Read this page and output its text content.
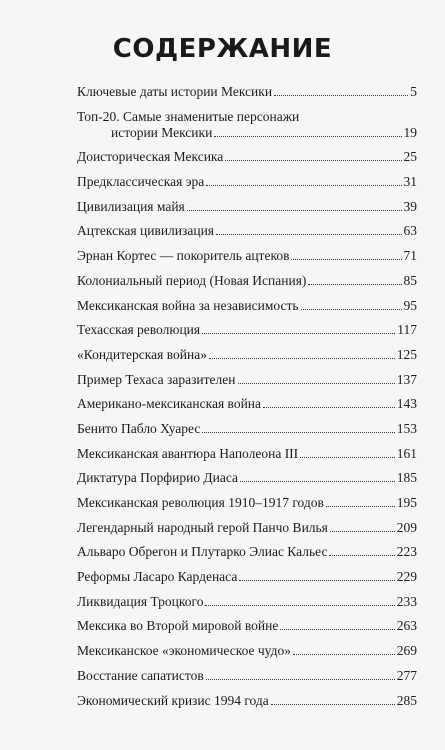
СОДЕРЖАНИЕ
Ключевые даты истории Мексики	5
Топ-20. Самые знаменитые персонажи
истории Мексики	19
Доисторическая Мексика	25
Предклассическая эра	31
Цивилизация майя	39
Ацтекская цивилизация	63
Эрнан Кортес — покоритель ацтеков	71
Колониальный период (Новая Испания)	85
Мексиканская война за независимость	95
Техасская революция	117
«Кондитерская война»	125
Пример Техаса заразителен	137
Американо-мексиканская война	143
Бенито Пабло Хуарес	153
Мексиканская авантюра Наполеона III	161
Диктатура Порфирио Диаса	185
Мексиканская революция 1910–1917 годов	195
Легендарный народный герой Панчо Вилья	209
Альваро Обрегон и Плутарко Элиас Кальес	223
Реформы Ласаро Карденаса	229
Ликвидация Троцкого	233
Мексика во Второй мировой войне	263
Мексиканское «экономическое чудо»	269
Восстание сапатистов	277
Экономический кризис 1994 года	285
